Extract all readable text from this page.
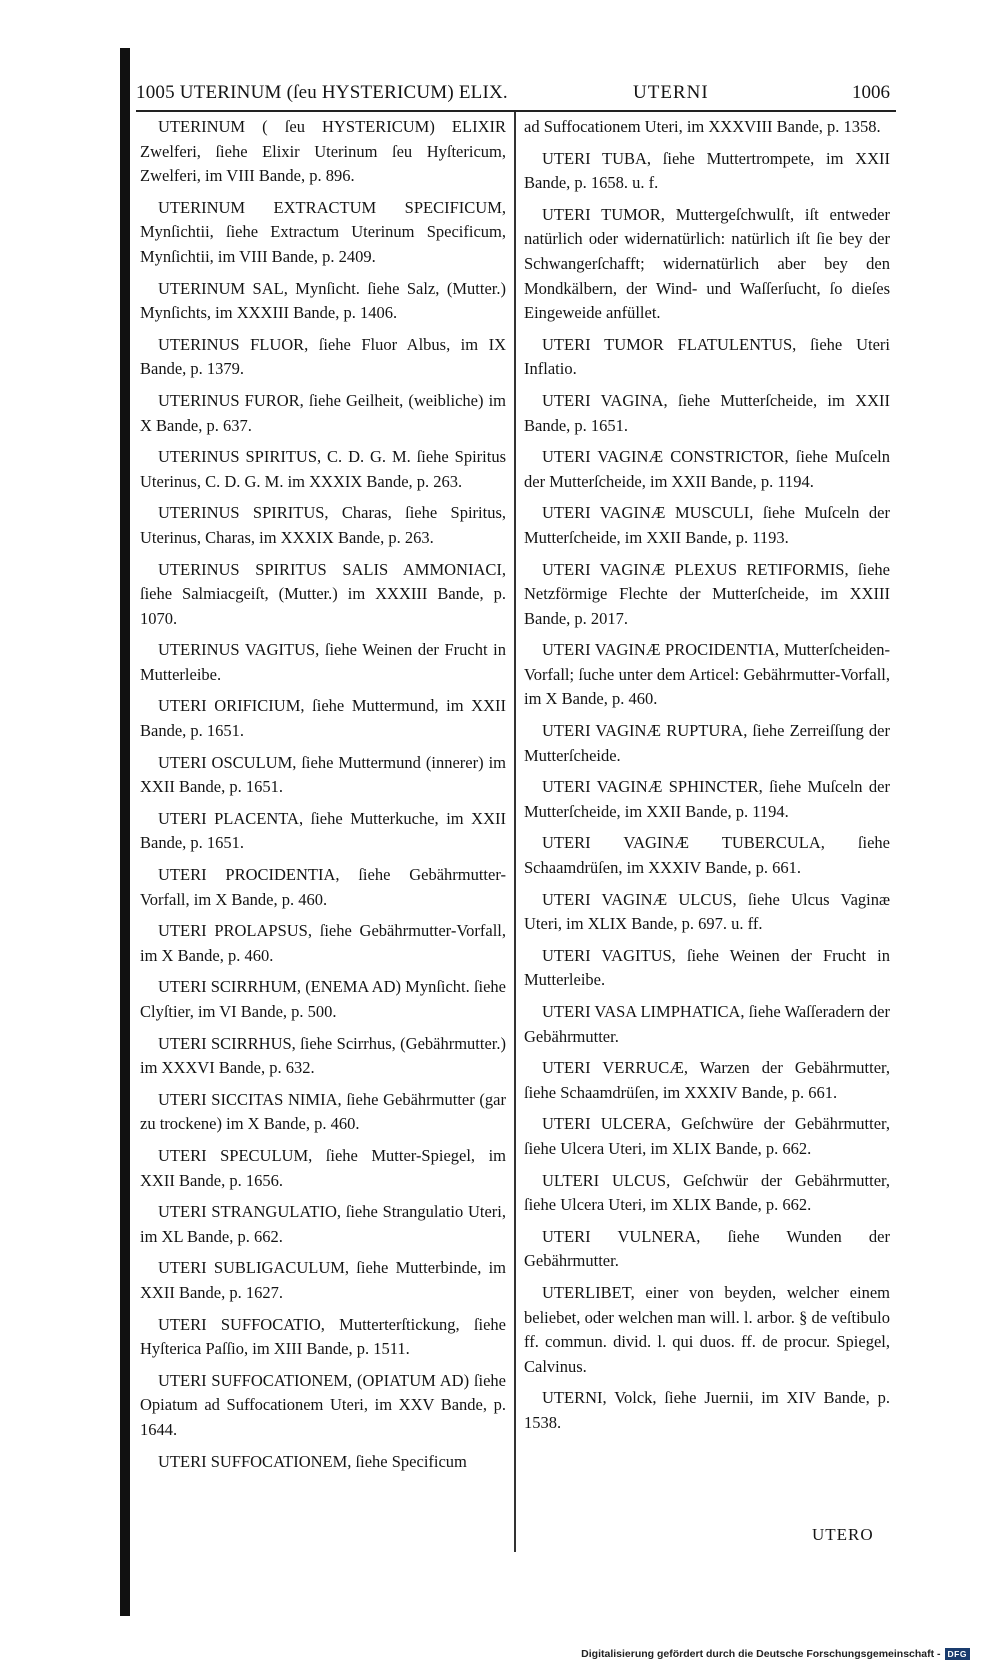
1005 UTERINUM (ſeu HYSTERICUM) ELIX.	UTERNI	1006

UTERINUM ( ſeu HYSTERICUM) ELIXIR Zwelferi, ſiehe Elixir Uterinum ſeu Hyſtericum, Zwelferi, im VIII Bande, p. 896.

UTERINUM EXTRACTUM SPECIFICUM, Mynſichtii, ſiehe Extractum Uterinum Specificum, Mynſichtii, im VIII Bande, p. 2409.

UTERINUM SAL, Mynſicht. ſiehe Salz, (Mutter.) Mynſichts, im XXXIII Bande, p. 1406.

UTERINUS FLUOR, ſiehe Fluor Albus, im IX Bande, p. 1379.

UTERINUS FUROR, ſiehe Geilheit, (weibliche) im X Bande, p. 637.

UTERINUS SPIRITUS, C. D. G. M. ſiehe Spiritus Uterinus, C. D. G. M. im XXXIX Bande, p. 263.

UTERINUS SPIRITUS, Charas, ſiehe Spiritus, Uterinus, Charas, im XXXIX Bande, p. 263.

UTERINUS SPIRITUS SALIS AMMONIACI, ſiehe Salmiacgeiſt, (Mutter.) im XXXIII Bande, p. 1070.

UTERINUS VAGITUS, ſiehe Weinen der Frucht in Mutterleibe.

UTERI ORIFICIUM, ſiehe Muttermund, im XXII Bande, p. 1651.

UTERI OSCULUM, ſiehe Muttermund (innerer) im XXII Bande, p. 1651.

UTERI PLACENTA, ſiehe Mutterkuche, im XXII Bande, p. 1651.

UTERI PROCIDENTIA, ſiehe Gebährmutter-Vorfall, im X Bande, p. 460.

UTERI PROLAPSUS, ſiehe Gebährmutter-Vorfall, im X Bande, p. 460.

UTERI SCIRRHUM, (ENEMA AD) Mynſicht. ſiehe Clyſtier, im VI Bande, p. 500.

UTERI SCIRRHUS, ſiehe Scirrhus, (Gebährmutter.) im XXXVI Bande, p. 632.

UTERI SICCITAS NIMIA, ſiehe Gebährmutter (gar zu trockene) im X Bande, p. 460.

UTERI SPECULUM, ſiehe Mutter-Spiegel, im XXII Bande, p. 1656.

UTERI STRANGULATIO, ſiehe Strangulatio Uteri, im XL Bande, p. 662.

UTERI SUBLIGACULUM, ſiehe Mutterbinde, im XXII Bande, p. 1627.

UTERI SUFFOCATIO, Mutterterſtickung, ſiehe Hyſterica Paſſio, im XIII Bande, p. 1511.

UTERI SUFFOCATIONEM, (OPIATUM AD) ſiehe Opiatum ad Suffocationem Uteri, im XXV Bande, p. 1644.

UTERI SUFFOCATIONEM, ſiehe Specificum

ad Suffocationem Uteri, im XXXVIII Bande, p. 1358.

UTERI TUBA, ſiehe Muttertrompete, im XXII Bande, p. 1658. u. f.

UTERI TUMOR, Muttergeſchwulſt, iſt entweder natürlich oder widernatürlich: natürlich iſt ſie bey der Schwangerſchafft; widernatürlich aber bey den Mondkälbern, der Wind- und Waſſerſucht, ſo dieſes Eingeweide anfüllet.

UTERI TUMOR FLATULENTUS, ſiehe Uteri Inflatio.

UTERI VAGINA, ſiehe Mutterſcheide, im XXII Bande, p. 1651.

UTERI VAGINÆ CONSTRICTOR, ſiehe Muſceln der Mutterſcheide, im XXII Bande, p. 1194.

UTERI VAGINÆ MUSCULI, ſiehe Muſceln der Mutterſcheide, im XXII Bande, p. 1193.

UTERI VAGINÆ PLEXUS RETIFORMIS, ſiehe Netzförmige Flechte der Mutterſcheide, im XXIII Bande, p. 2017.

UTERI VAGINÆ PROCIDENTIA, Mutterſcheiden-Vorfall; ſuche unter dem Articel: Gebährmutter-Vorfall, im X Bande, p. 460.

UTERI VAGINÆ RUPTURA, ſiehe Zerreiſſung der Mutterſcheide.

UTERI VAGINÆ SPHINCTER, ſiehe Muſceln der Mutterſcheide, im XXII Bande, p. 1194.

UTERI VAGINÆ TUBERCULA, ſiehe Schaamdrüſen, im XXXIV Bande, p. 661.

UTERI VAGINÆ ULCUS, ſiehe Ulcus Vaginæ Uteri, im XLIX Bande, p. 697. u. ff.

UTERI VAGITUS, ſiehe Weinen der Frucht in Mutterleibe.

UTERI VASA LIMPHATICA, ſiehe Waſſeradern der Gebährmutter.

UTERI VERRUCÆ, Warzen der Gebährmutter, ſiehe Schaamdrüſen, im XXXIV Bande, p. 661.

UTERI ULCERA, Geſchwüre der Gebährmutter, ſiehe Ulcera Uteri, im XLIX Bande, p. 662.

ULTERI ULCUS, Geſchwür der Gebährmutter, ſiehe Ulcera Uteri, im XLIX Bande, p. 662.

UTERI VULNERA, ſiehe Wunden der Gebährmutter.

UTERLIBET, einer von beyden, welcher einem beliebet, oder welchen man will. l. arbor. § de veſtibulo ff. commun. divid. l. qui duos. ff. de procur. Spiegel, Calvinus.

UTERNI, Volck, ſiehe Juernii, im XIV Bande, p. 1538.

UTERO
Digitalisierung gefördert durch die Deutsche Forschungsgemeinschaft - DFG
